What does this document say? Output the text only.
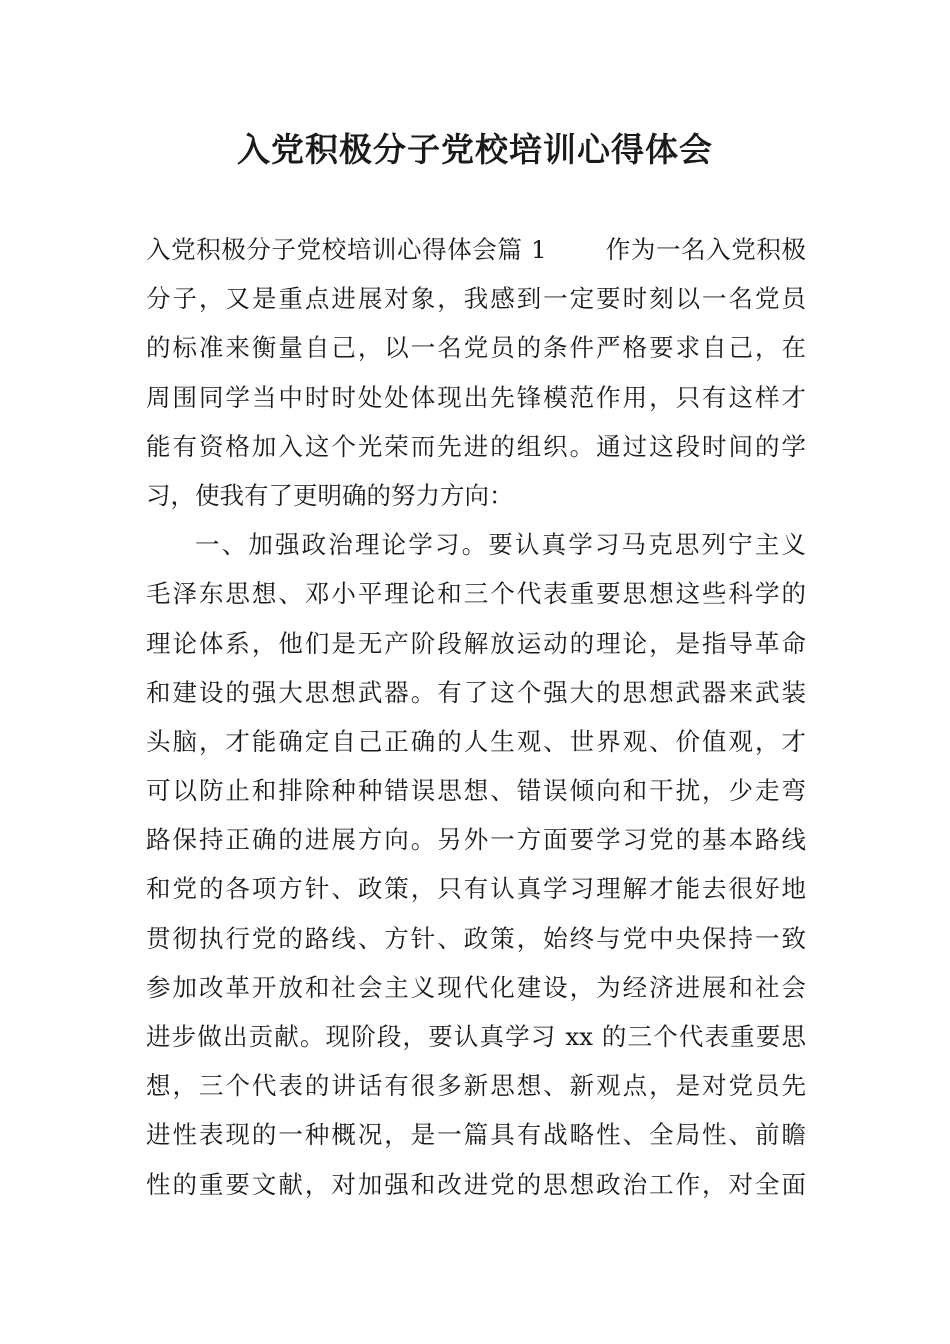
入党积极分子党校培训心得体会
入党积极分子党校培训心得体会篇 1　　 作为一名入党积极
分子，又是重点进展对象，我感到一定要时刻以一名党员
的标准来衡量自己，以一名党员的条件严格要求自己，在
周围同学当中时时处处体现出先锋模范作用，只有这样才
能有资格加入这个光荣而先进的组织。通过这段时间的学
习，使我有了更明确的努力方向：
一、加强政治理论学习。要认真学习马克思列宁主义
毛泽东思想、邓小平理论和三个代表重要思想这些科学的
理论体系，他们是无产阶段解放运动的理论，是指导革命
和建设的强大思想武器。有了这个强大的思想武器来武装
头脑，才能确定自己正确的人生观、世界观、价值观，才
可以防止和排除种种错误思想、错误倾向和干扰，少走弯
路保持正确的进展方向。另外一方面要学习党的基本路线
和党的各项方针、政策，只有认真学习理解才能去很好地
贯彻执行党的路线、方针、政策，始终与党中央保持一致
参加改革开放和社会主义现代化建设，为经济进展和社会
进步做出贡献。现阶段，要认真学习 xx 的三个代表重要思
想，三个代表的讲话有很多新思想、新观点，是对党员先
进性表现的一种概况，是一篇具有战略性、全局性、前瞻
性的重要文献，对加强和改进党的思想政治工作，对全面
